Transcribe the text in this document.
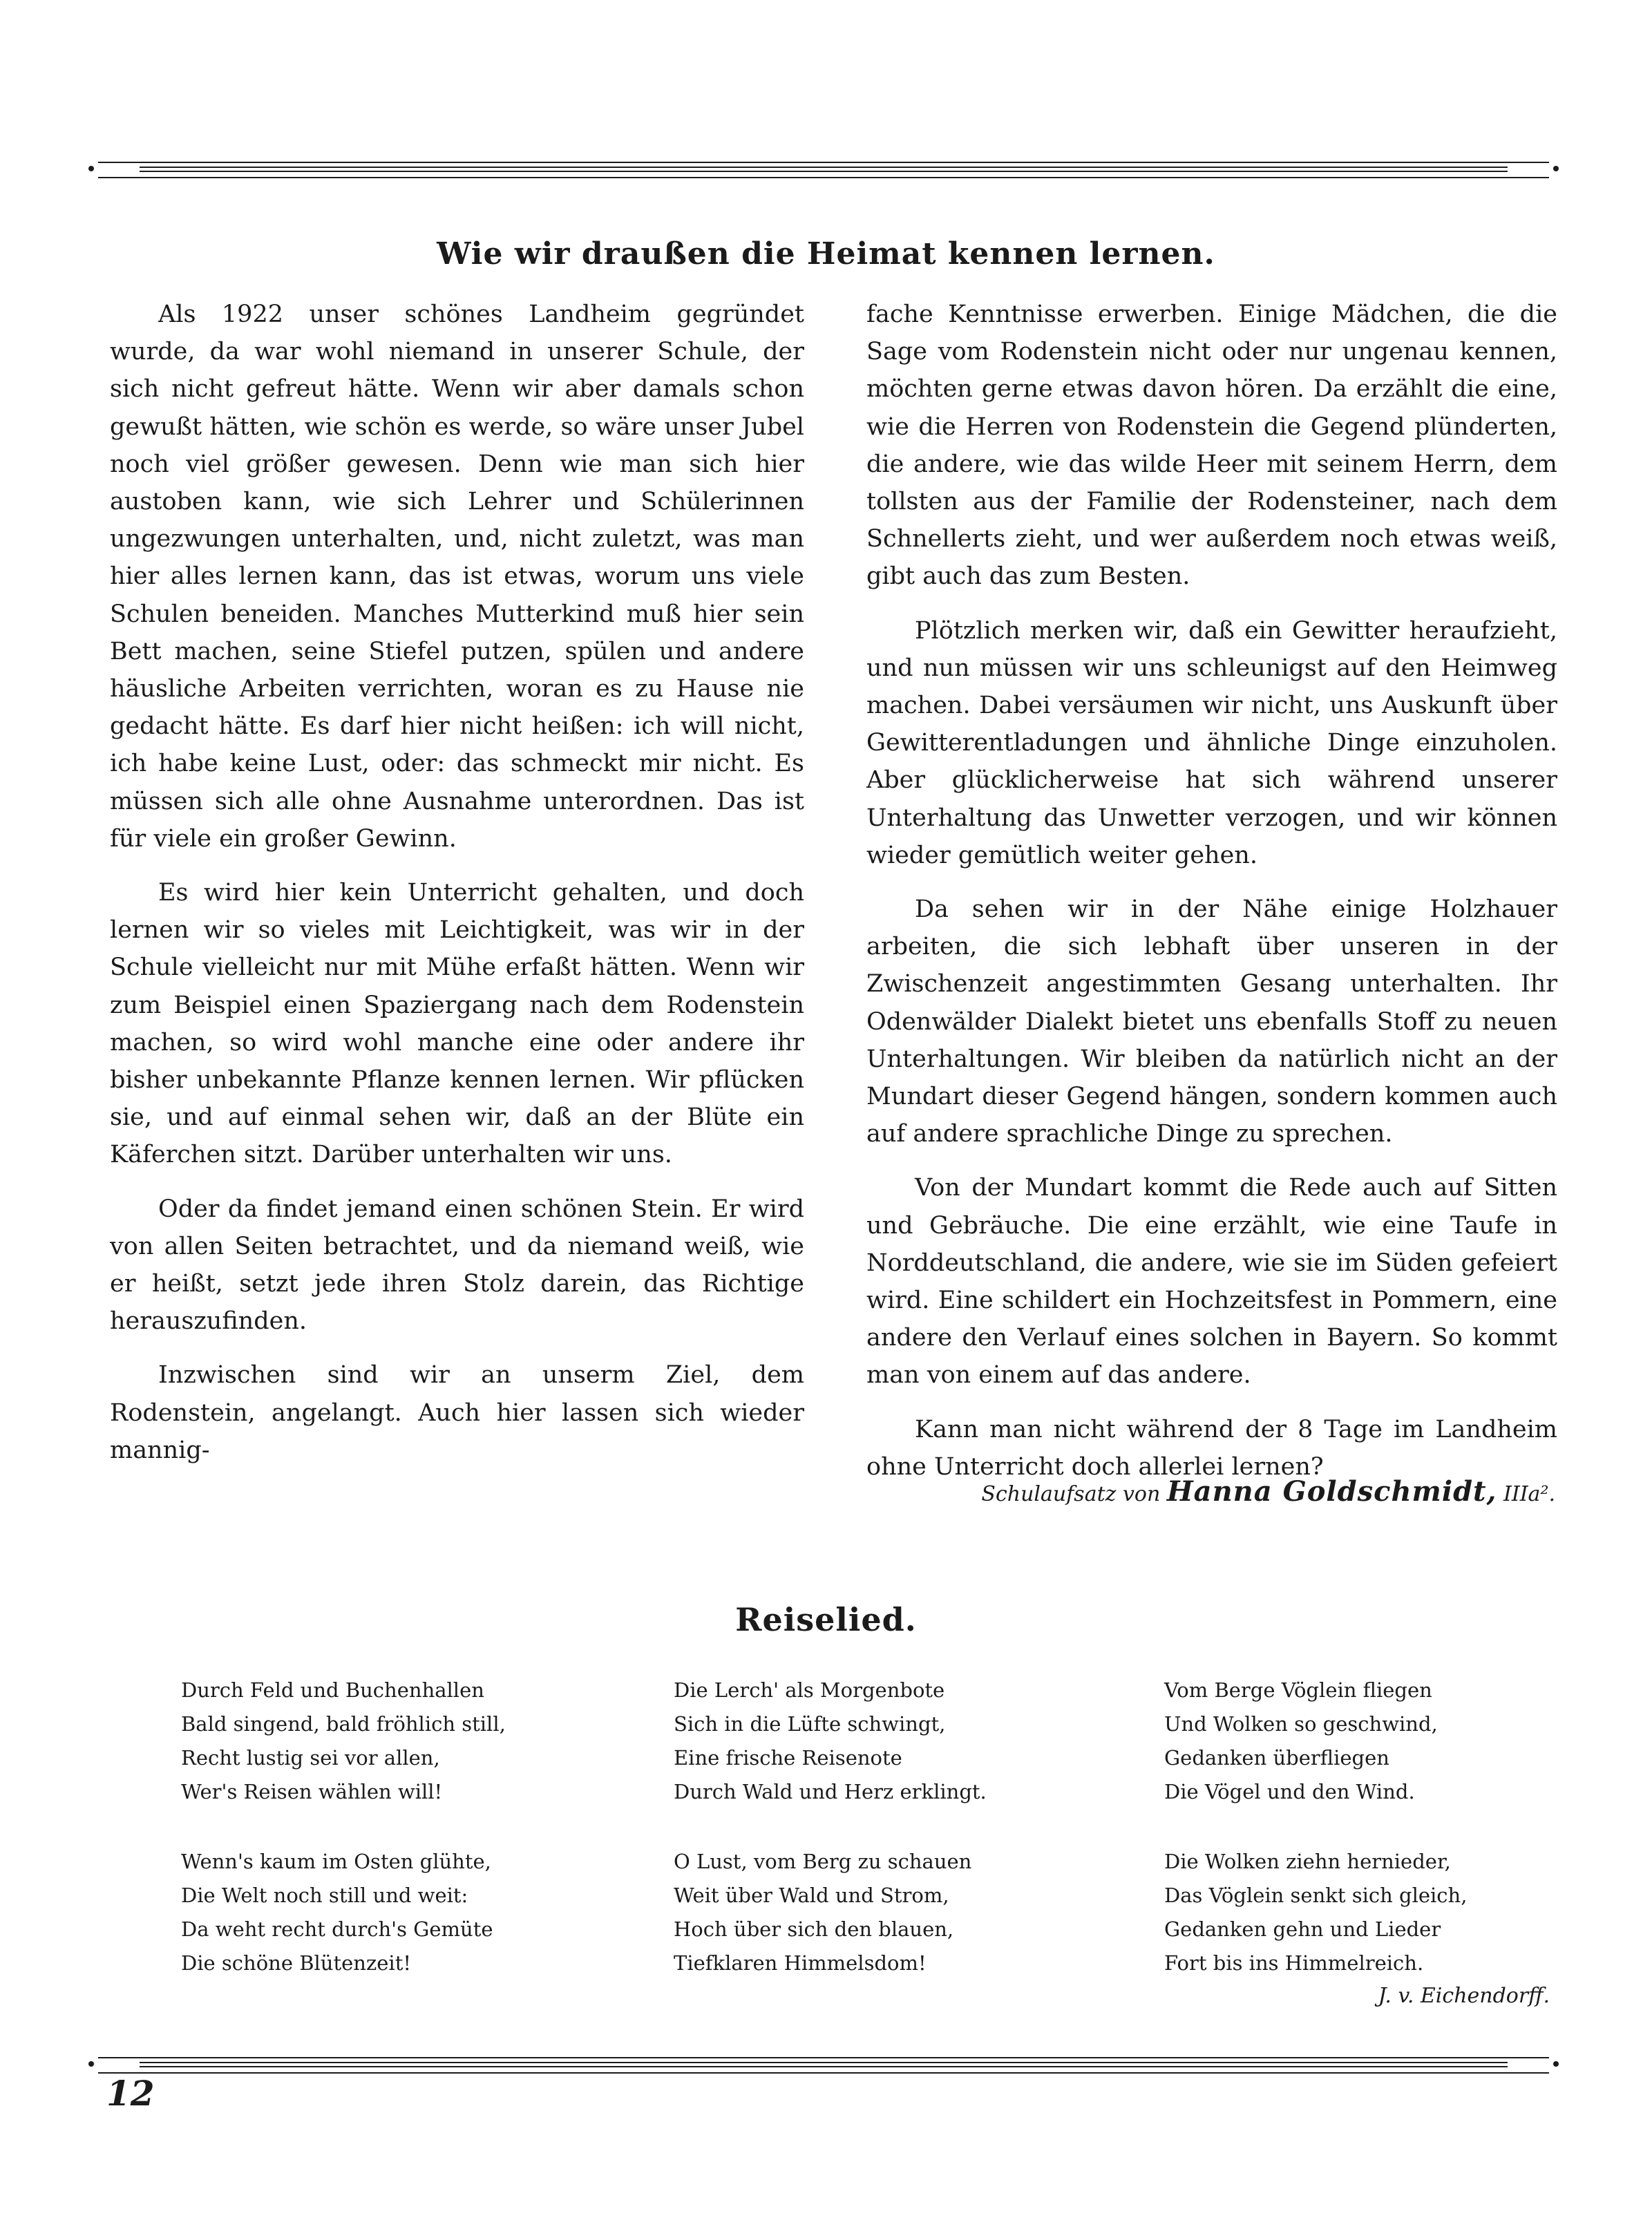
Wie wir draußen die Heimat kennen lernen.

Als 1922 unser schönes Landheim gegründet wurde, da war wohl niemand in unserer Schule, der sich nicht gefreut hätte. Wenn wir aber damals schon gewußt hätten, wie schön es werde, so wäre unser Jubel noch viel größer gewesen. Denn wie man sich hier austoben kann, wie sich Lehrer und Schülerinnen ungezwungen unterhalten, und, nicht zuletzt, was man hier alles lernen kann, das ist etwas, worum uns viele Schulen beneiden. Manches Mutterkind muß hier sein Bett machen, seine Stiefel putzen, spülen und andere häusliche Arbeiten verrichten, woran es zu Hause nie gedacht hätte. Es darf hier nicht heißen: ich will nicht, ich habe keine Lust, oder: das schmeckt mir nicht. Es müssen sich alle ohne Ausnahme unterordnen. Das ist für viele ein großer Gewinn.

Es wird hier kein Unterricht gehalten, und doch lernen wir so vieles mit Leichtigkeit, was wir in der Schule vielleicht nur mit Mühe erfaßt hätten. Wenn wir zum Beispiel einen Spaziergang nach dem Rodenstein machen, so wird wohl manche eine oder andere ihr bisher unbekannte Pflanze kennen lernen. Wir pflücken sie, und auf einmal sehen wir, daß an der Blüte ein Käferchen sitzt. Darüber unterhalten wir uns.

Oder da findet jemand einen schönen Stein. Er wird von allen Seiten betrachtet, und da niemand weiß, wie er heißt, setzt jede ihren Stolz darein, das Richtige herauszufinden.

Inzwischen sind wir an unserm Ziel, dem Rodenstein, angelangt. Auch hier lassen sich wieder mannig-

fache Kenntnisse erwerben. Einige Mädchen, die die Sage vom Rodenstein nicht oder nur ungenau kennen, möchten gerne etwas davon hören. Da erzählt die eine, wie die Herren von Rodenstein die Gegend plünderten, die andere, wie das wilde Heer mit seinem Herrn, dem tollsten aus der Familie der Rodensteiner, nach dem Schnellerts zieht, und wer außerdem noch etwas weiß, gibt auch das zum Besten.

Plötzlich merken wir, daß ein Gewitter heraufzieht, und nun müssen wir uns schleunigst auf den Heimweg machen. Dabei versäumen wir nicht, uns Auskunft über Gewitterentladungen und ähnliche Dinge einzuholen. Aber glücklicherweise hat sich während unserer Unterhaltung das Unwetter verzogen, und wir können wieder gemütlich weiter gehen.

Da sehen wir in der Nähe einige Holzhauer arbeiten, die sich lebhaft über unseren in der Zwischenzeit angestimmten Gesang unterhalten. Ihr Odenwälder Dialekt bietet uns ebenfalls Stoff zu neuen Unterhaltungen. Wir bleiben da natürlich nicht an der Mundart dieser Gegend hängen, sondern kommen auch auf andere sprachliche Dinge zu sprechen.

Von der Mundart kommt die Rede auch auf Sitten und Gebräuche. Die eine erzählt, wie eine Taufe in Norddeutschland, die andere, wie sie im Süden gefeiert wird. Eine schildert ein Hochzeitsfest in Pommern, eine andere den Verlauf eines solchen in Bayern. So kommt man von einem auf das andere.

Kann man nicht während der 8 Tage im Landheim ohne Unterricht doch allerlei lernen?

Schulaufsatz von Hanna Goldschmidt, IIIa².
Reiselied.
Durch Feld und Buchenhallen
Bald singend, bald fröhlich still,
Recht lustig sei vor allen,
Wer's Reisen wählen will!
Die Lerch' als Morgenbote
Sich in die Lüfte schwingt,
Eine frische Reisenote
Durch Wald und Herz erklingt.
Vom Berge Vöglein fliegen
Und Wolken so geschwind,
Gedanken überfliegen
Die Vögel und den Wind.
Wenn's kaum im Osten glühte,
Die Welt noch still und weit:
Da weht recht durch's Gemüte
Die schöne Blütenzeit!
O Lust, vom Berg zu schauen
Weit über Wald und Strom,
Hoch über sich den blauen,
Tiefklaren Himmelsdom!
Die Wolken ziehn hernieder,
Das Vöglein senkt sich gleich,
Gedanken gehn und Lieder
Fort bis ins Himmelreich.
J. v. Eichendorff.
12
